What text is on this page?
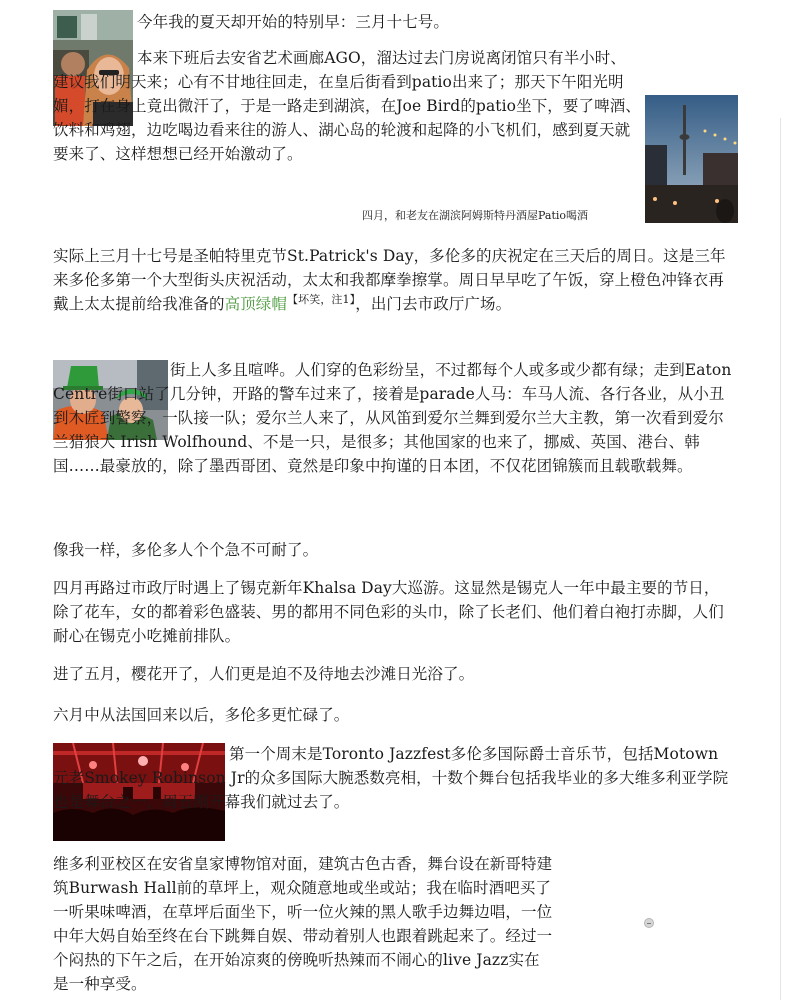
今年我的夏天却开始的特别早：三月十七号。

本来下班后去安省艺术画廊AGO，溜达过去门房说离闭馆只有半小时、建议我们明天来；心有不甘地往回走，在皇后街看到patio出来了；那天下午阳光明媚，打在身上竟出微汗了，于是一路走到湖滨，在Joe Bird的patio坐下，要了啤酒、饮料和鸡翅，边吃喝边看来往的游人、湖心岛的轮渡和起降的小飞机们，感到夏天就要来了、这样想想已经开始激动了。

四月，和老友在湖滨阿姆斯特丹酒屋Patio喝酒

实际上三月十七号是圣帕特里克节St.Patrick's Day，多伦多的庆祝定在三天后的周日。这是三年来多伦多第一个大型街头庆祝活动，太太和我都摩拳擦掌。周日早早吃了午饭，穿上橙色冲锋衣再戴上太太提前给我准备的高顶绿帽$^{【坏笑,注1】}$，出门去市政厅广场。

街上人多且喧哗。人们穿的色彩纷呈，不过都每个人或多或少都有绿；走到Eaton Centre街口站了几分钟，开路的警车过来了，接着是parade人马：车马人流、各行各业，从小丑到木匠到警察，一队接一队；爱尔兰人来了，从风笛到爱尔兰舞到爱尔兰大主教，第一次看到爱尔兰猎狼犬 Irish Wolfhound、不是一只，是很多；其他国家的也来了，挪威、英国、港台、韩国……最豪放的，除了墨西哥团、竟然是印象中拘谨的日本团，不仅花团锦簇而且载歌载舞。

像我一样，多伦多人个个急不可耐了。

四月再路过市政厅时遇上了锡克新年Khalsa Day大巡游。这显然是锡克人一年中最主要的节日，除了花车，女的都着彩色盛装、男的都用不同色彩的头巾，除了长老们、他们着白袍打赤脚，人们耐心在锡克小吃摊前排队。

进了五月，樱花开了，人们更是迫不及待地去沙滩日光浴了。

六月中从法国回来以后，多伦多更忙碌了。

第一个周末是Toronto Jazzfest多伦多国际爵士音乐节，包括Motown 元老Smokey Robinson Jr的众多国际大腕悉数亮相，十数个舞台包括我毕业的多大维多利亚学院也是舞台之一，周五刚开幕我们就过去了。

维多利亚校区在安省皇家博物馆对面，建筑古色古香，舞台设在新哥特建筑Burwash Hall前的草坪上，观众随意地或坐或站；我在临时酒吧买了一听果味啤酒，在草坪后面坐下，听一位火辣的黑人歌手边舞边唱，一位中年大妈自始至终在台下跳舞自娱、带动着别人也跟着跳起来了。经过一个闷热的下午之后，在开始凉爽的傍晚听热辣而不闹心的live Jazz实在是一种享受。
